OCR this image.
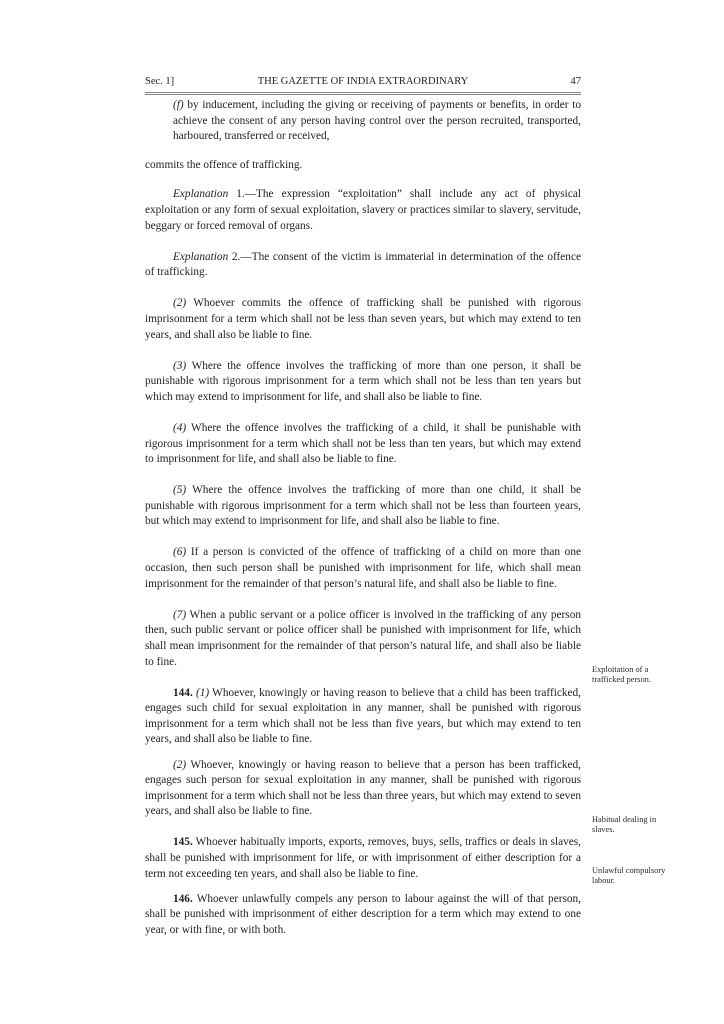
Sec. 1]	THE GAZETTE OF INDIA EXTRAORDINARY	47

(f) by inducement, including the giving or receiving of payments or benefits, in order to achieve the consent of any person having control over the person recruited, transported, harboured, transferred or received,

commits the offence of trafficking.

Explanation 1.—The expression “exploitation” shall include any act of physical exploitation or any form of sexual exploitation, slavery or practices similar to slavery, servitude, beggary or forced removal of organs.

Explanation 2.—The consent of the victim is immaterial in determination of the offence of trafficking.

(2) Whoever commits the offence of trafficking shall be punished with rigorous imprisonment for a term which shall not be less than seven years, but which may extend to ten years, and shall also be liable to fine.

(3) Where the offence involves the trafficking of more than one person, it shall be punishable with rigorous imprisonment for a term which shall not be less than ten years but which may extend to imprisonment for life, and shall also be liable to fine.

(4) Where the offence involves the trafficking of a child, it shall be punishable with rigorous imprisonment for a term which shall not be less than ten years, but which may extend to imprisonment for life, and shall also be liable to fine.

(5) Where the offence involves the trafficking of more than one child, it shall be punishable with rigorous imprisonment for a term which shall not be less than fourteen years, but which may extend to imprisonment for life, and shall also be liable to fine.

(6) If a person is convicted of the offence of trafficking of a child on more than one occasion, then such person shall be punished with imprisonment for life, which shall mean imprisonment for the remainder of that person’s natural life, and shall also be liable to fine.

(7) When a public servant or a police officer is involved in the trafficking of any person then, such public servant or police officer shall be punished with imprisonment for life, which shall mean imprisonment for the remainder of that person’s natural life, and shall also be liable to fine.

144. (1) Whoever, knowingly or having reason to believe that a child has been trafficked, engages such child for sexual exploitation in any manner, shall be punished with rigorous imprisonment for a term which shall not be less than five years, but which may extend to ten years, and shall also be liable to fine.

(2) Whoever, knowingly or having reason to believe that a person has been trafficked, engages such person for sexual exploitation in any manner, shall be punished with rigorous imprisonment for a term which shall not be less than three years, but which may extend to seven years, and shall also be liable to fine.

145. Whoever habitually imports, exports, removes, buys, sells, traffics or deals in slaves, shall be punished with imprisonment for life, or with imprisonment of either description for a term not exceeding ten years, and shall also be liable to fine.

146. Whoever unlawfully compels any person to labour against the will of that person, shall be punished with imprisonment of either description for a term which may extend to one year, or with fine, or with both.

Exploitation of a trafficked person.
Habitual dealing in slaves.
Unlawful compulsory labour.
